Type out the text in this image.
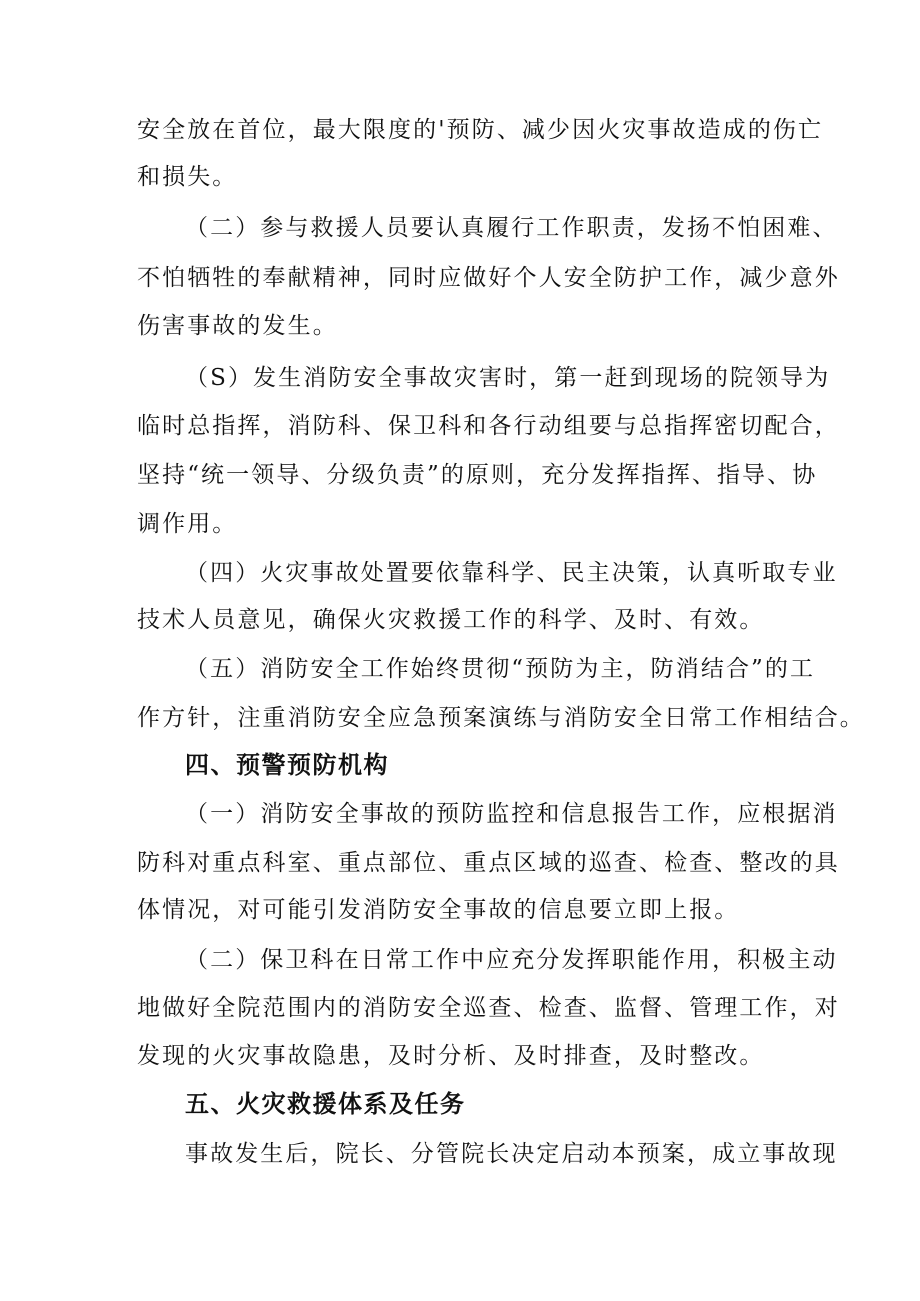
安全放在首位，最大限度的'预防、减少因火灾事故造成的伤亡
和损失。
（二）参与救援人员要认真履行工作职责，发扬不怕困难、
不怕牺牲的奉献精神，同时应做好个人安全防护工作，减少意外
伤害事故的发生。
（S）发生消防安全事故灾害时，第一赶到现场的院领导为
临时总指挥，消防科、保卫科和各行动组要与总指挥密切配合，
坚持“统一领导、分级负责”的原则，充分发挥指挥、指导、协
调作用。
（四）火灾事故处置要依靠科学、民主决策，认真听取专业
技术人员意见，确保火灾救援工作的科学、及时、有效。
（五）消防安全工作始终贯彻“预防为主，防消结合”的工
作方针，注重消防安全应急预案演练与消防安全日常工作相结合。
四、预警预防机构
（一）消防安全事故的预防监控和信息报告工作，应根据消
防科对重点科室、重点部位、重点区域的巡查、检查、整改的具
体情况，对可能引发消防安全事故的信息要立即上报。
（二）保卫科在日常工作中应充分发挥职能作用，积极主动
地做好全院范围内的消防安全巡查、检查、监督、管理工作，对
发现的火灾事故隐患，及时分析、及时排查，及时整改。
五、火灾救援体系及任务
事故发生后，院长、分管院长决定启动本预案，成立事故现
